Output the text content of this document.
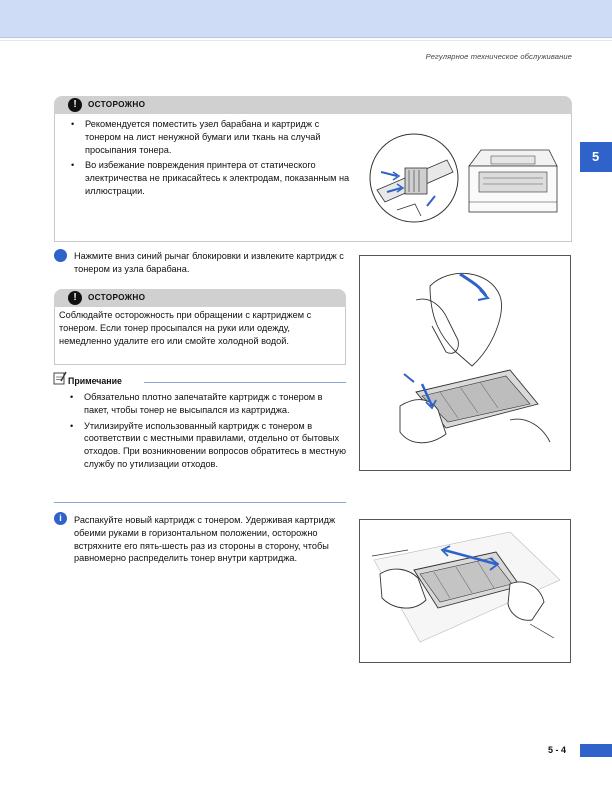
Регулярное техническое обслуживание
5
!	ОСТОРОЖНО
• Рекомендуется поместить узел барабана и картридж с тонером на лист ненужной бумаги или ткань на случай просыпания тонера.
• Во избежание повреждения принтера от статического электричества не прикасайтесь к электродам, показанным на иллюстрации.
Нажмите вниз синий рычаг блокировки и извлеките картридж с тонером из узла барабана.
!	ОСТОРОЖНО
Соблюдайте осторожность при обращении с картриджем с тонером. Если тонер просыпался на руки или одежду, немедленно удалите его или смойте холодной водой.
Примечание
• Обязательно плотно запечатайте картридж с тонером в пакет, чтобы тонер не высыпался из картриджа.
• Утилизируйте использованный картридж с тонером в соответствии с местными правилами, отдельно от бытовых отходов. При возникновении вопросов обратитесь в местную службу по утилизации отходов.
i	Распакуйте новый картридж с тонером. Удерживая картридж обеими руками в горизонтальном положении, осторожно встряхните его пять-шесть раз из стороны в сторону, чтобы равномерно распределить тонер внутри картриджа.
5 - 4
